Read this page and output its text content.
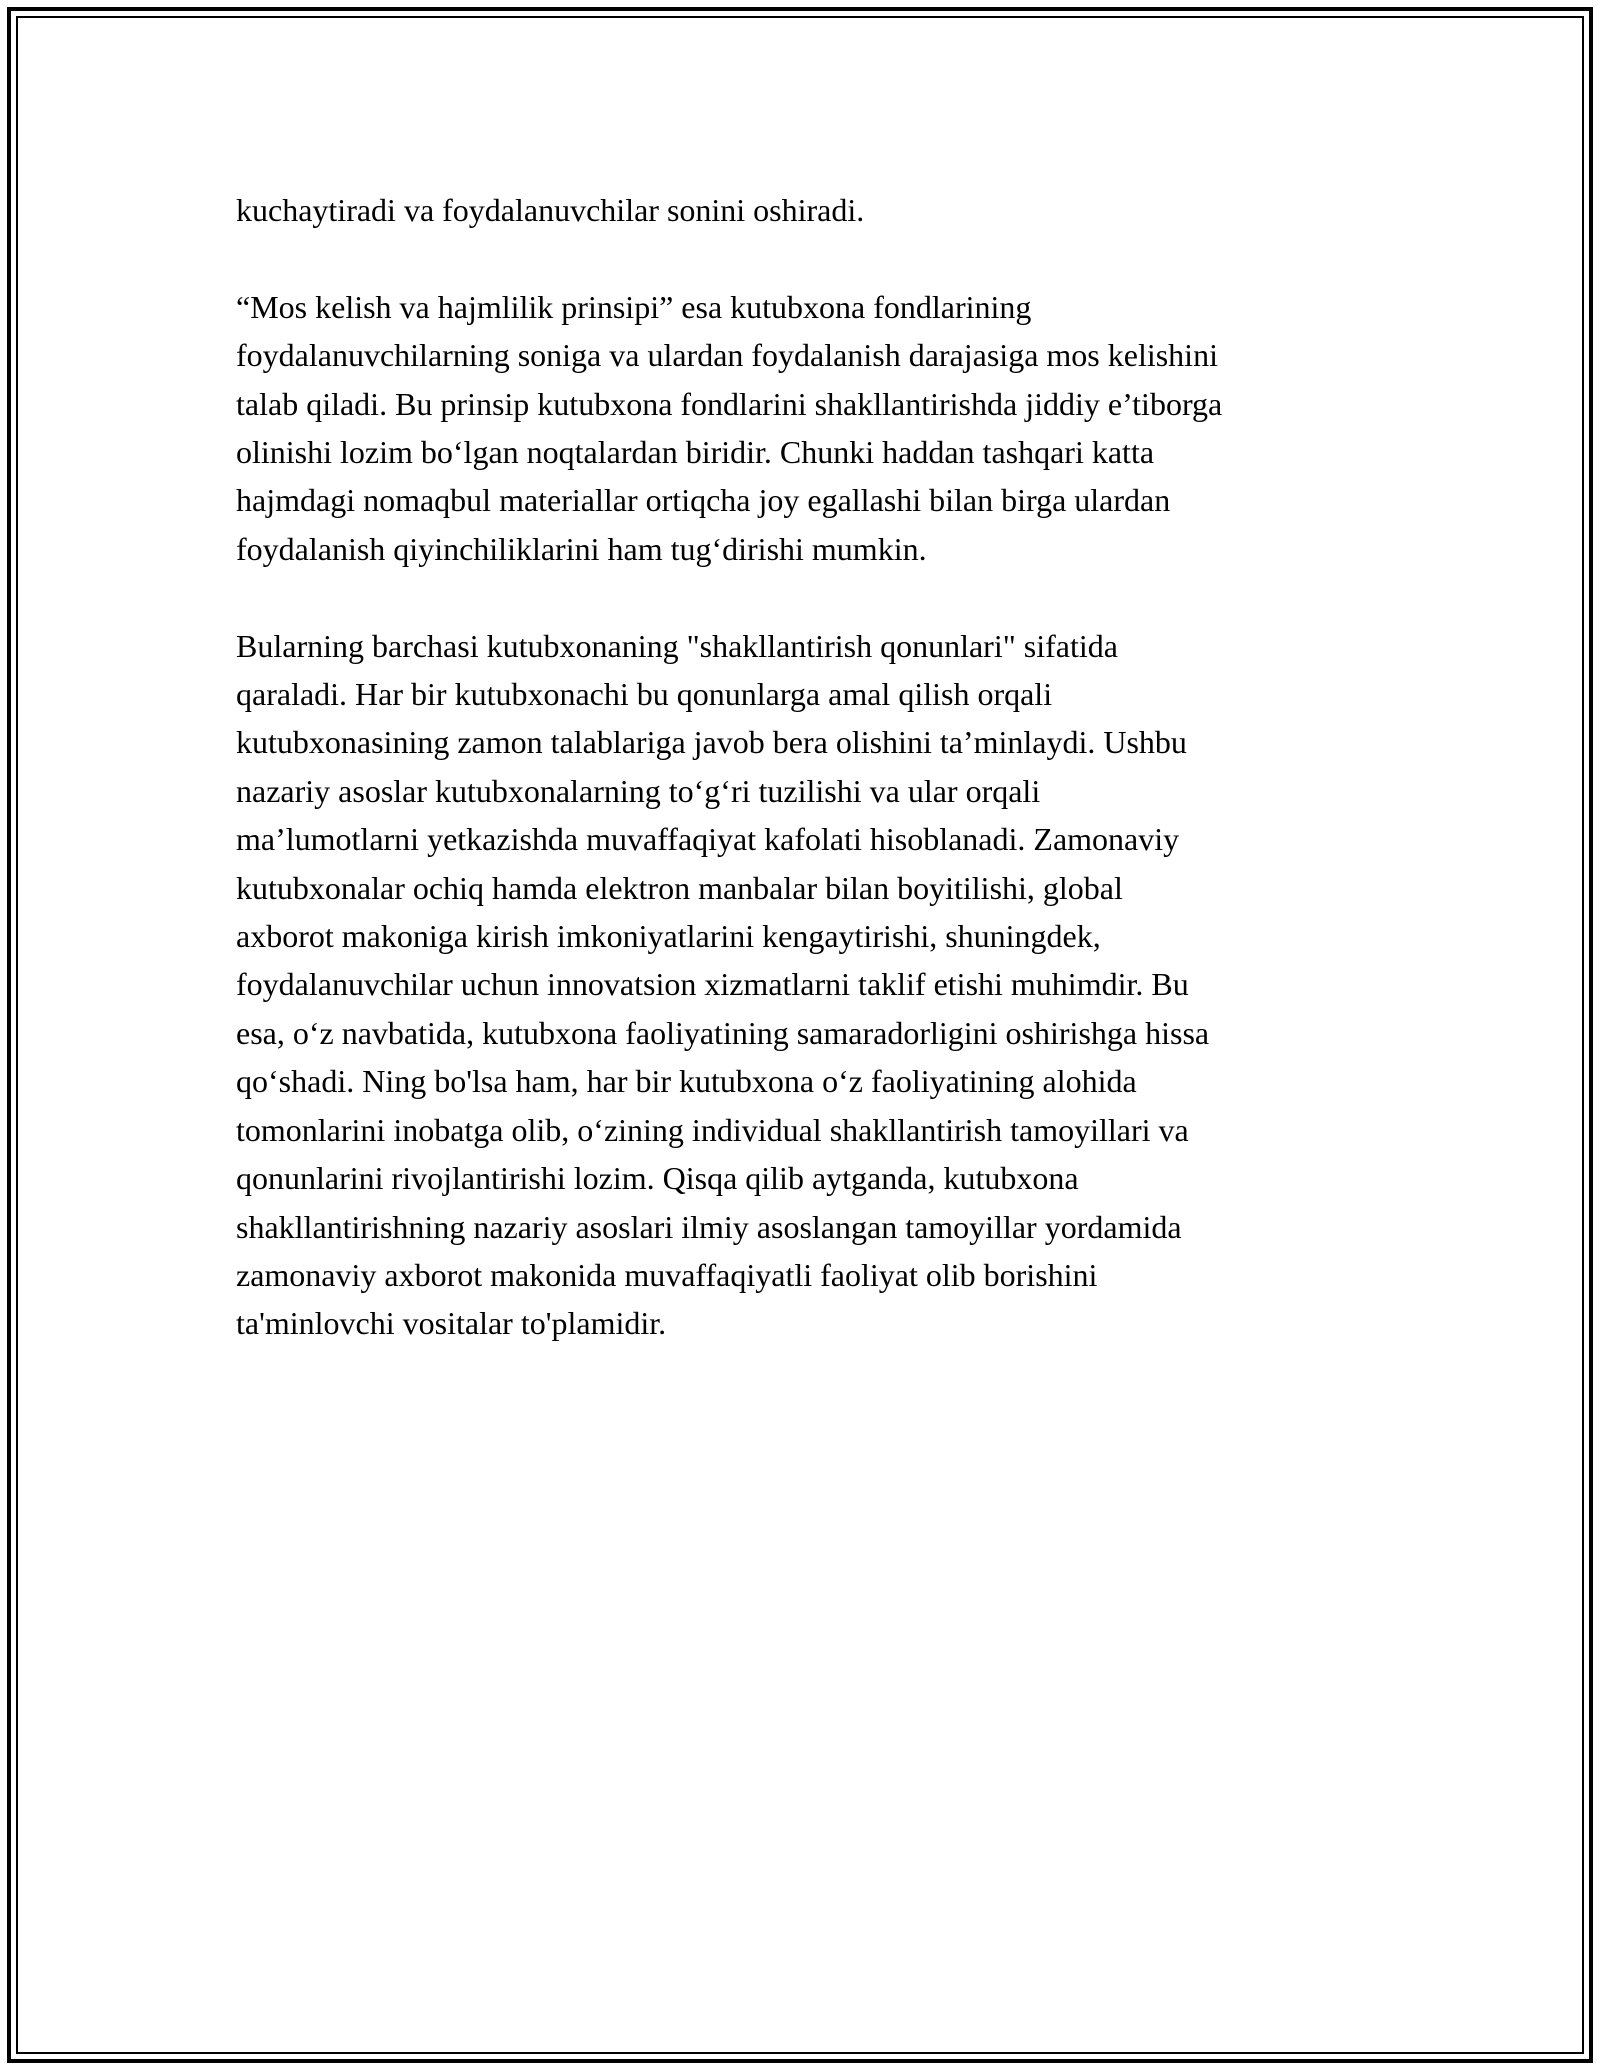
kuchaytiradi va foydalanuvchilar sonini oshiradi.

“Mos kelish va hajmlilik prinsipi” esa kutubxona fondlarining
foydalanuvchilarning soniga va ulardan foydalanish darajasiga mos kelishini
talab qiladi. Bu prinsip kutubxona fondlarini shakllantirishda jiddiy e’tiborga
olinishi lozim bo‘lgan noqtalardan biridir. Chunki haddan tashqari katta
hajmdagi nomaqbul materiallar ortiqcha joy egallashi bilan birga ulardan
foydalanish qiyinchiliklarini ham tug‘dirishi mumkin.

Bularning barchasi kutubxonaning "shakllantirish qonunlari" sifatida
qaraladi. Har bir kutubxonachi bu qonunlarga amal qilish orqali
kutubxonasining zamon talablariga javob bera olishini ta’minlaydi. Ushbu
nazariy asoslar kutubxonalarning to‘g‘ri tuzilishi va ular orqali
ma’lumotlarni yetkazishda muvaffaqiyat kafolati hisoblanadi. Zamonaviy
kutubxonalar ochiq hamda elektron manbalar bilan boyitilishi, global
axborot makoniga kirish imkoniyatlarini kengaytirishi, shuningdek,
foydalanuvchilar uchun innovatsion xizmatlarni taklif etishi muhimdir. Bu
esa, o‘z navbatida, kutubxona faoliyatining samaradorligini oshirishga hissa
qo‘shadi. Ning bo'lsa ham, har bir kutubxona o‘z faoliyatining alohida
tomonlarini inobatga olib, o‘zining individual shakllantirish tamoyillari va
qonunlarini rivojlantirishi lozim. Qisqa qilib aytganda, kutubxona
shakllantirishning nazariy asoslari ilmiy asoslangan tamoyillar yordamida
zamonaviy axborot makonida muvaffaqiyatli faoliyat olib borishini
ta'minlovchi vositalar to'plamidir.
